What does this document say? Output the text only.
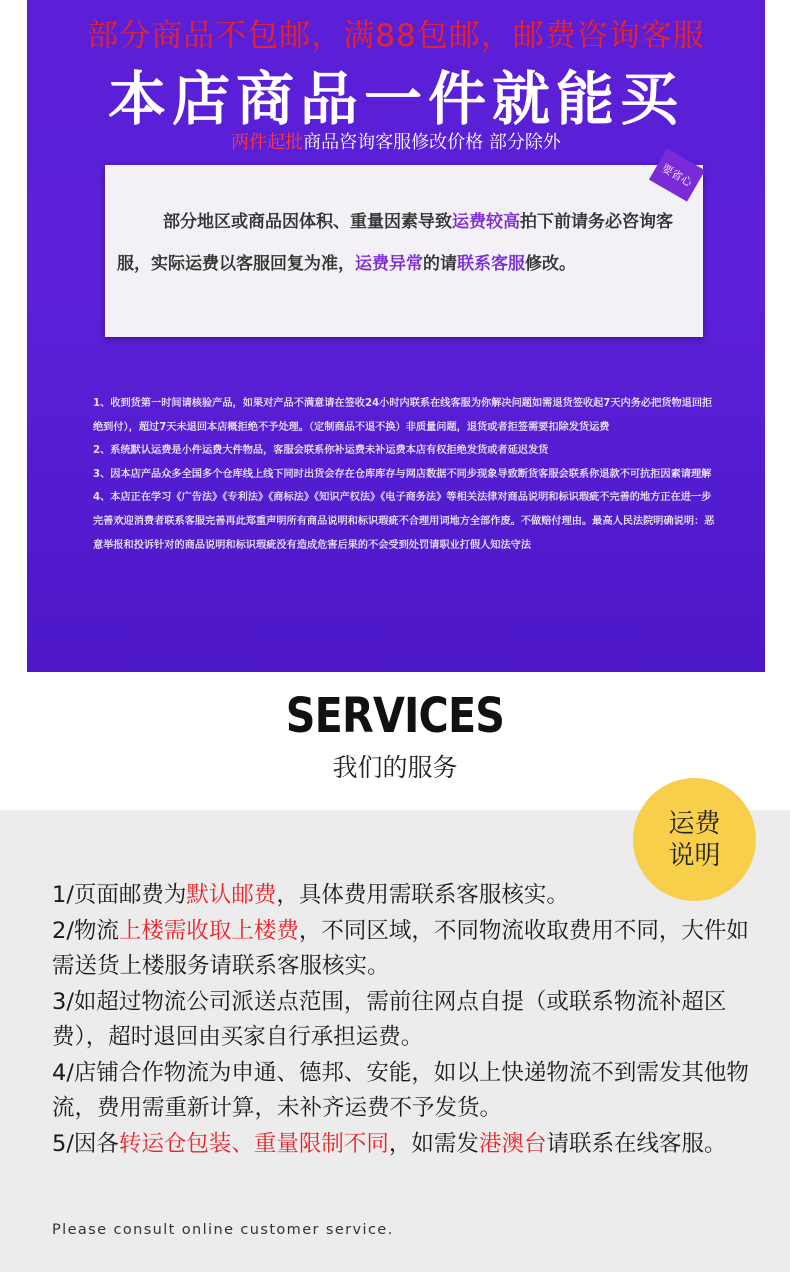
部分商品不包邮，满88包邮，邮费咨询客服
本店商品一件就能买
两件起批商品咨询客服修改价格 部分除外
要省心
部分地区或商品因体积、重量因素导致运费较高拍下前请务必咨询客服，实际运费以客服回复为准，运费异常的请联系客服修改。

1、收到货第一时间请核验产品，如果对产品不满意请在签收24小时内联系在线客服为你解决问题如需退货签收起7天内务必把货物退回拒绝到付），超过7天未退回本店概拒绝不予处理。（定制商品不退不换）非质量问题，退货或者拒签需要扣除发货运费

2、系统默认运费是小件运费大件物品，客服会联系你补运费未补运费本店有权拒绝发货或者延迟发货

3、因本店产品众多全国多个仓库线上线下同时出货会存在仓库库存与网店数据不同步现象导致断货客服会联系你退款不可抗拒因素请理解

4、本店正在学习《广告法》《专利法》《商标法》《知识产权法》《电子商务法》等相关法律对商品说明和标识瑕疵不完善的地方正在进一步完善欢迎消费者联系客服完善再此郑重声明所有商品说明和标识瑕疵不合理用词地方全部作废。不做赔付理由。最高人民法院明确说明：恶意举报和投诉针对的商品说明和标识瑕疵没有造成危害后果的不会受到处罚请职业打假人知法守法

SERVICES
我们的服务
运费
说明

1/页面邮费为默认邮费，具体费用需联系客服核实。

2/物流上楼需收取上楼费，不同区域，不同物流收取费用不同，大件如需送货上楼服务请联系客服核实。

3/如超过物流公司派送点范围，需前往网点自提（或联系物流补超区费），超时退回由买家自行承担运费。

4/店铺合作物流为申通、德邦、安能，如以上快递物流不到需发其他物流，费用需重新计算，未补齐运费不予发货。

5/因各转运仓包装、重量限制不同，如需发港澳台请联系在线客服。

Please consult online customer service.
